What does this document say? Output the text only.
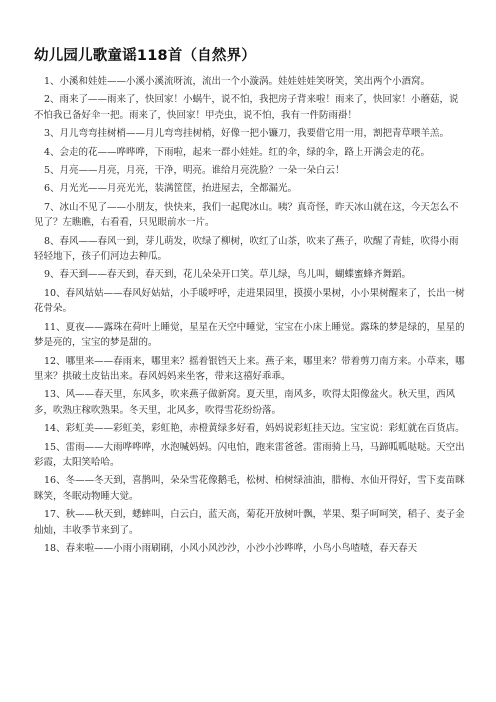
幼儿园儿歌童谣118首（自然界）

1、小溪和娃娃——小溪小溪流呀流，流出一个小漩涡。娃娃娃娃笑呀笑，笑出两个小酒窝。

2、雨来了——雨来了，快回家！小蜗牛，说不怕，我把房子背来啦！雨来了，快回家！小蘑菇，说不怕我已备好伞一把。雨来了，快回家！甲壳虫，说不怕，我有一件防雨褂！

3、月儿弯弯挂树梢——月儿弯弯挂树梢，好像一把小镰刀，我要借它用一用，割把青草喂羊羔。

4、会走的花——哗哗哗，下雨啦，起来一群小娃娃。红的伞，绿的伞，路上开满会走的花。

5、月亮——月亮，月亮，干净，明亮。谁给月亮洗脸？一朵一朵白云！

6、月光光——月亮光光，装满筐筐，抬进屋去，全都漏光。

7、冰山不见了——小朋友，快快来，我们一起爬冰山。咦？真奇怪，昨天冰山就在这，今天怎么不见了？左瞧瞧，右看看，只见眼前水一片。

8、春风——春风一到，芽儿萌发，吹绿了柳树，吹红了山茶，吹来了燕子，吹醒了青蛙，吹得小雨轻轻地下，孩子们河边去种瓜。

9、春天到——春天到，春天到，花儿朵朵开口笑。草儿绿，鸟儿叫，蝴蝶蜜蜂齐舞蹈。

10、春风姑姑——春风好姑姑，小手暖呼呼，走进果园里，摸摸小果树，小小果树醒来了，长出一树花骨朵。

11、夏夜——露珠在荷叶上睡觉，星星在天空中睡觉，宝宝在小床上睡觉。露珠的梦是绿的，星星的梦是亮的，宝宝的梦是甜的。

12、哪里来——春雨来，哪里来？摇着银铛天上来。燕子来，哪里来？带着剪刀南方来。小草来，哪里来？拱破土皮钻出来。春风妈妈来坐客，带来这禧好乖乖。

13、风——春天里，东风多，吹来燕子做新窝。夏天里，南风多，吹得太阳像盆火。秋天里，西风多，吹熟庄稼吹熟果。冬天里，北风多，吹得雪花纷纷落。

14、彩虹美——彩虹美，彩虹艳，赤橙黄绿多好看，妈妈说彩虹挂天边。宝宝说：彩虹就在百货店。

15、雷雨——大雨哗哗哗，水泡喊妈妈。闪电怕，跑来雷爸爸。雷雨骑上马，马蹄呱呱哒哒。天空出彩霞，太阳笑哈哈。

16、冬——冬天到，喜鹊叫，朵朵雪花像鹅毛，松树、柏树绿油油，腊梅、水仙开得好，雪下麦苗眯眯笑，冬眠动物睡大觉。

17、秋——秋天到，蟋蟀叫，白云白，蓝天高，菊花开放树叶飘，苹果、梨子呵呵笑，稻子、麦子金灿灿，丰收季节来到了。

18、春来啦——小雨小雨刷刷，小风小风沙沙，小沙小沙哗哗，小鸟小鸟喳喳，春天春天
